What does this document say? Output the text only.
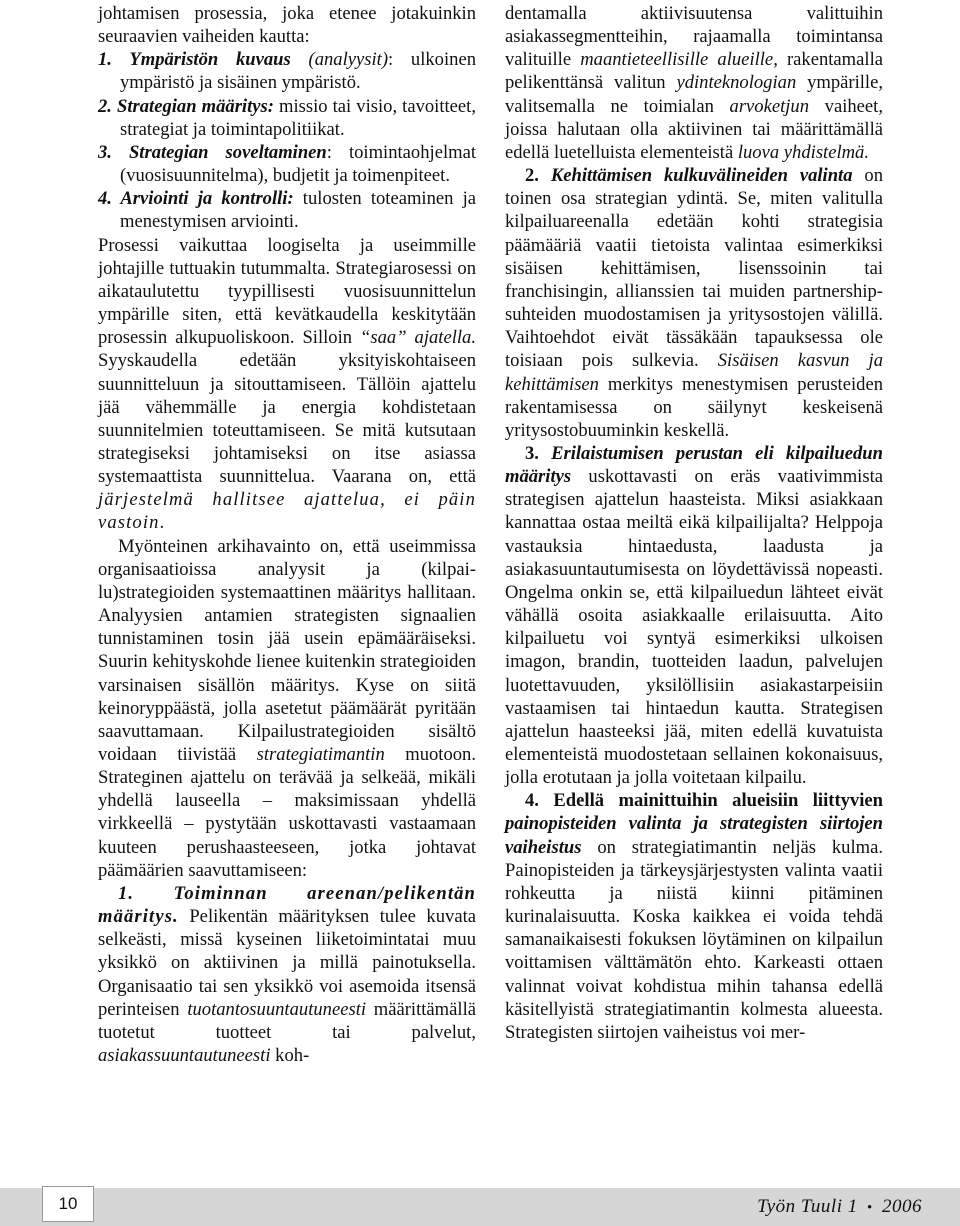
johtamisen prosessia, joka etenee jotakuinkin seuraavien vaiheiden kautta:

1. Ympäristön kuvaus (analyysit): ulkoinen ympäristö ja sisäinen ympäristö.

2. Strategian määritys: missio tai visio, tavoitteet, strategiat ja toimintapolitiikat.

3. Strategian soveltaminen: toimintaohjelmat (vuosisuunnitelma), budjetit ja toimenpiteet.

4. Arviointi ja kontrolli: tulosten toteaminen ja menestymisen arviointi.

Prosessi vaikuttaa loogiselta ja useimmille johtajille tuttuakin tutummalta. Strategiarosessi on aikataulutettu tyypillisesti vuosisuunnittelun ympärille siten, että kevätkaudella keskitytään prosessin alkupuoliskoon. Silloin “saa” ajatella. Syyskaudella edetään yksityiskohtaiseen suunnitteluun ja sitouttamiseen. Tällöin ajattelu jää vähemmälle ja energia kohdistetaan suunnitelmien toteuttamiseen. Se mitä kutsutaan strategiseksi johtamiseksi on itse asiassa systemaattista suunnittelua. Vaarana on, että järjestelmä hallitsee ajattelua, ei päin vastoin.

Myönteinen arkihavainto on, että useimmissa organisaatioissa analyysit ja (kilpai-lu)strategioiden systemaattinen määritys hallitaan. Analyysien antamien strategisten signaalien tunnistaminen tosin jää usein epämääräiseksi. Suurin kehityskohde lienee kuitenkin strategioiden varsinaisen sisällön määritys. Kyse on siitä keinoryppäästä, jolla asetetut päämäärät pyritään saavuttamaan. Kilpailustrategioiden sisältö voidaan tiivistää strategiatimantin muotoon. Strateginen ajattelu on terävää ja selkeää, mikäli yhdellä lauseella – maksimissaan yhdellä virkkeellä – pystytään uskottavasti vastaamaan kuuteen perushaasteeseen, jotka johtavat päämäärien saavuttamiseen:

1. Toiminnan areenan/pelikentän määritys. Pelikentän määrityksen tulee kuvata selkeästi, missä kyseinen liiketoimintatai muu yksikkö on aktiivinen ja millä painotuksella. Organisaatio tai sen yksikkö voi asemoida itsensä perinteisen tuotantosuuntautuneesti määrittämällä tuotetut tuotteet tai palvelut, asiakassuuntautuneesti koh-

dentamalla aktiivisuutensa valittuihin asiakassegmentteihin, rajaamalla toimintansa valituille maantieteellisille alueille, rakentamalla pelikenttänsä valitun ydinteknologian ympärille, valitsemalla ne toimialan arvoketjun vaiheet, joissa halutaan olla aktiivinen tai määrittämällä edellä luetelluista elementeistä luova yhdistelmä.

2. Kehittämisen kulkuvälineiden valinta on toinen osa strategian ydintä. Se, miten valitulla kilpailuareenalla edetään kohti strategisia päämääriä vaatii tietoista valintaa esimerkiksi sisäisen kehittämisen, lisenssoinin tai franchisingin, allianssien tai muiden partnership-suhteiden muodostamisen ja yritysostojen välillä. Vaihtoehdot eivät tässäkään tapauksessa ole toisiaan pois sulkevia. Sisäisen kasvun ja kehittämisen merkitys menestymisen perusteiden rakentamisessa on säilynyt keskeisenä yritysostobuuminkin keskellä.

3. Erilaistumisen perustan eli kilpailuedun määritys uskottavasti on eräs vaativimmista strategisen ajattelun haasteista. Miksi asiakkaan kannattaa ostaa meiltä eikä kilpailijalta? Helppoja vastauksia hintaedusta, laadusta ja asiakasuuntautumisesta on löydettävissä nopeasti. Ongelma onkin se, että kilpailuedun lähteet eivät vähällä osoita asiakkaalle erilaisuutta. Aito kilpailuetu voi syntyä esimerkiksi ulkoisen imagon, brandin, tuotteiden laadun, palvelujen luotettavuuden, yksilöllisiin asiakastarpeisiin vastaamisen tai hintaedun kautta. Strategisen ajattelun haasteeksi jää, miten edellä kuvatuista elementeistä muodostetaan sellainen kokonaisuus, jolla erotutaan ja jolla voitetaan kilpailu.

4. Edellä mainittuihin alueisiin liittyvien painopisteiden valinta ja strategisten siirtojen vaiheistus on strategiatimantin neljäs kulma. Painopisteiden ja tärkeysjärjestysten valinta vaatii rohkeutta ja niistä kiinni pitäminen kurinalaisuutta. Koska kaikkea ei voida tehdä samanaikaisesti fokuksen löytäminen on kilpailun voittamisen välttämätön ehto. Karkeasti ottaen valinnat voivat kohdistua mihin tahansa edellä käsitellyistä strategiatimantin kolmesta alueesta. Strategisten siirtojen vaiheistus voi mer-

10	Työn Tuuli 1 • 2006
